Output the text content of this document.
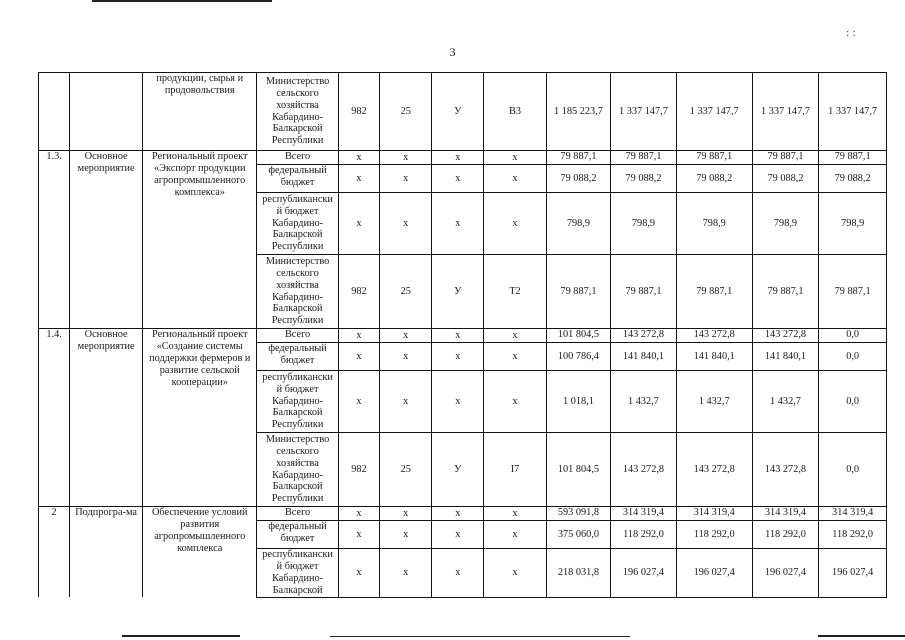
: :
3
		продукции, сырья и продовольствия	Министерство сельского хозяйства Кабардино-Балкарской Республики	982	25	У	В3	1 185 223,7	1 337 147,7	1 337 147,7	1 337 147,7	1 337 147,7
1.3.	Основное мероприятие	Региональный проект «Экспорт продукции агропромышленного комплекса»	Всего	х	х	х	х	79 887,1	79 887,1	79 887,1	79 887,1	79 887,1
			федеральный бюджет	х	х	х	х	79 088,2	79 088,2	79 088,2	79 088,2	79 088,2
			республиканский бюджет Кабардино-Балкарской Республики	х	х	х	х	798,9	798,9	798,9	798,9	798,9
			Министерство сельского хозяйства Кабардино-Балкарской Республики	982	25	У	Т2	79 887,1	79 887,1	79 887,1	79 887,1	79 887,1
1.4.	Основное мероприятие	Региональный проект «Создание системы поддержки фермеров и развитие сельской кооперации»	Всего	х	х	х	х	101 804,5	143 272,8	143 272,8	143 272,8	0,0
			федеральный бюджет	х	х	х	х	100 786,4	141 840,1	141 840,1	141 840,1	0,0
			республиканский бюджет Кабардино-Балкарской Республики	х	х	х	х	1 018,1	1 432,7	1 432,7	1 432,7	0,0
			Министерство сельского хозяйства Кабардино-Балкарской Республики	982	25	У	I7	101 804,5	143 272,8	143 272,8	143 272,8	0,0
2	Подпрогра-ма	Обеспечение условий развития агропромышленного комплекса	Всего	х	х	х	х	593 091,8	314 319,4	314 319,4	314 319,4	314 319,4
			федеральный бюджет	х	х	х	х	375 060,0	118 292,0	118 292,0	118 292,0	118 292,0
			республиканский бюджет Кабардино-Балкарской	х	х	х	х	218 031,8	196 027,4	196 027,4	196 027,4	196 027,4
